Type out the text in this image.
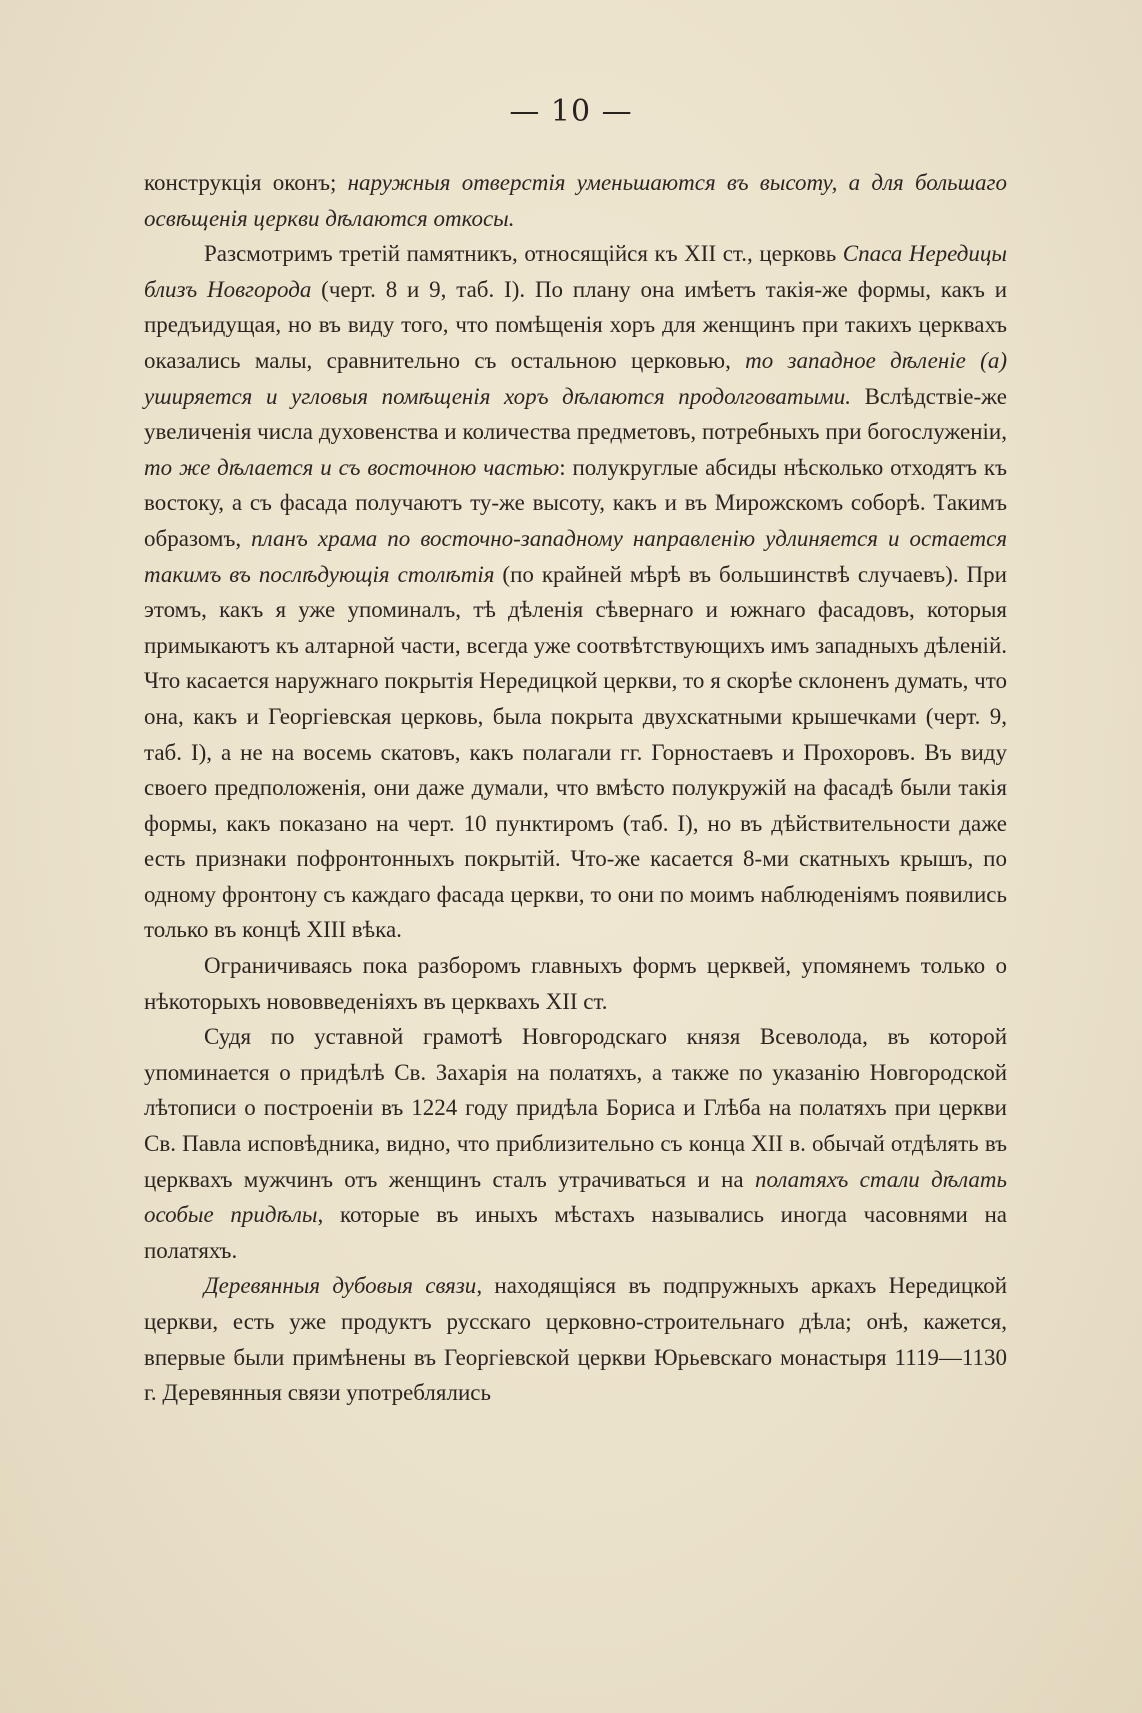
— 10 —

конструкція оконъ; наружныя отверстія уменьшаются въ высоту, а для большаго освѣщенія церкви дѣлаются откосы.

Разсмотримъ третій памятникъ, относящійся къ XII ст., церковь Спаса Нередицы близъ Новгорода (черт. 8 и 9, таб. I). По плану она имѣетъ такія-же формы, какъ и предъидущая, но въ виду того, что помѣщенія хоръ для женщинъ при такихъ церквахъ оказались малы, сравнительно съ остальною церковью, то западное дѣленіе (а) уширяется и угловыя помѣщенія хоръ дѣлаются продолговатыми. Вслѣдствіе-же увеличенія числа духовенства и количества предметовъ, потребныхъ при богослуженіи, то же дѣлается и съ восточною частью: полукруглые абсиды нѣсколько отходятъ къ востоку, а съ фасада получаютъ ту-же высоту, какъ и въ Мирожскомъ соборѣ. Такимъ образомъ, планъ храма по восточно-западному направленію удлиняется и остается такимъ въ послѣдующія столѣтія (по крайней мѣрѣ въ большинствѣ случаевъ). При этомъ, какъ я уже упоминалъ, тѣ дѣленія сѣвернаго и южнаго фасадовъ, которыя примыкаютъ къ алтарной части, всегда уже соотвѣтствующихъ имъ западныхъ дѣленій. Что касается наружнаго покрытія Нередицкой церкви, то я скорѣе склоненъ думать, что она, какъ и Георгіевская церковь, была покрыта двухскатными крышечками (черт. 9, таб. I), а не на восемь скатовъ, какъ полагали гг. Горностаевъ и Прохоровъ. Въ виду своего предположенія, они даже думали, что вмѣсто полукружій на фасадѣ были такія формы, какъ показано на черт. 10 пунктиромъ (таб. I), но въ дѣйствительности даже есть признаки пофронтонныхъ покрытій. Что-же касается 8-ми скатныхъ крышъ, по одному фронтону съ каждаго фасада церкви, то они по моимъ наблюденіямъ появились только въ концѣ XIII вѣка.

Ограничиваясь пока разборомъ главныхъ формъ церквей, упомянемъ только о нѣкоторыхъ нововведеніяхъ въ церквахъ XII ст.

Судя по уставной грамотѣ Новгородскаго князя Всеволода, въ которой упоминается о придѣлѣ Св. Захарія на полатяхъ, а также по указанію Новгородской лѣтописи о построеніи въ 1224 году придѣла Бориса и Глѣба на полатяхъ при церкви Св. Павла исповѣдника, видно, что приблизительно съ конца XII в. обычай отдѣлять въ церквахъ мужчинъ отъ женщинъ сталъ утрачиваться и на полатяхъ стали дѣлать особые придѣлы, которые въ иныхъ мѣстахъ назывались иногда часовнями на полатяхъ.

Деревянныя дубовыя связи, находящіяся въ подпружныхъ аркахъ Нередицкой церкви, есть уже продуктъ русскаго церковно-строительнаго дѣла; онѣ, кажется, впервые были примѣнены въ Георгіевской церкви Юрьевскаго монастыря 1119—1130 г. Деревянныя связи употреблялись
